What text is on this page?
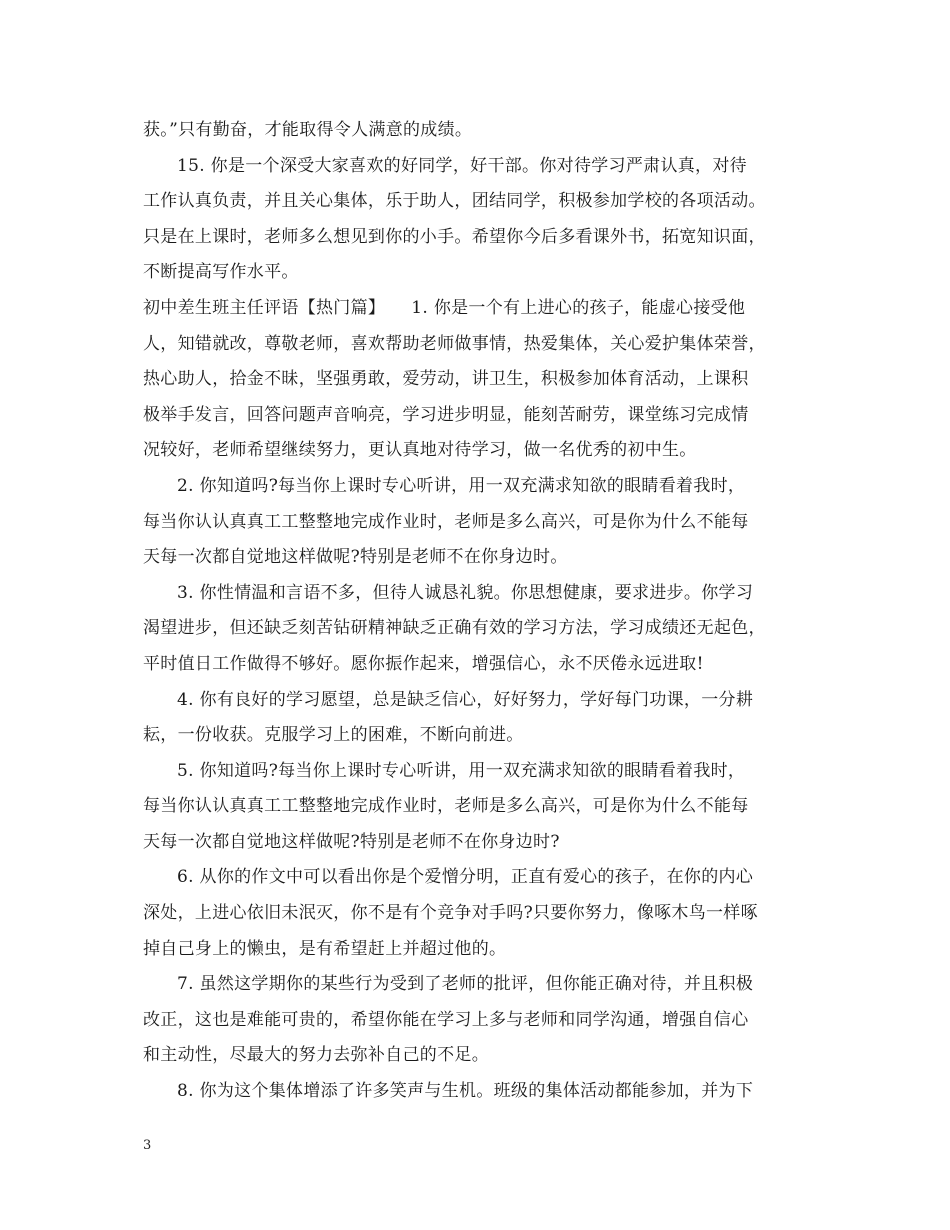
获。”只有勤奋，才能取得令人满意的成绩。
15. 你是一个深受大家喜欢的好同学，好干部。你对待学习严肃认真，对待
工作认真负责，并且关心集体，乐于助人，团结同学，积极参加学校的各项活动。
只是在上课时，老师多么想见到你的小手。希望你今后多看课外书，拓宽知识面，
不断提高写作水平。
初中差生班主任评语【热门篇】　　1. 你是一个有上进心的孩子，能虚心接受他
人，知错就改，尊敬老师，喜欢帮助老师做事情，热爱集体，关心爱护集体荣誉，
热心助人，拾金不昧，坚强勇敢，爱劳动，讲卫生，积极参加体育活动，上课积
极举手发言，回答问题声音响亮，学习进步明显，能刻苦耐劳，课堂练习完成情
况较好，老师希望继续努力，更认真地对待学习，做一名优秀的初中生。
2. 你知道吗?每当你上课时专心听讲，用一双充满求知欲的眼睛看着我时，
每当你认认真真工工整整地完成作业时，老师是多么高兴，可是你为什么不能每
天每一次都自觉地这样做呢?特别是老师不在你身边时。
3. 你性情温和言语不多，但待人诚恳礼貌。你思想健康，要求进步。你学习
渴望进步，但还缺乏刻苦钻研精神缺乏正确有效的学习方法，学习成绩还无起色，
平时值日工作做得不够好。愿你振作起来，增强信心，永不厌倦永远进取!
4. 你有良好的学习愿望，总是缺乏信心，好好努力，学好每门功课，一分耕
耘，一份收获。克服学习上的困难，不断向前进。
5. 你知道吗?每当你上课时专心听讲，用一双充满求知欲的眼睛看着我时，
每当你认认真真工工整整地完成作业时，老师是多么高兴，可是你为什么不能每
天每一次都自觉地这样做呢?特别是老师不在你身边时?
6. 从你的作文中可以看出你是个爱憎分明，正直有爱心的孩子，在你的内心
深处，上进心依旧未泯灭，你不是有个竞争对手吗?只要你努力，像啄木鸟一样啄
掉自己身上的懒虫，是有希望赶上并超过他的。
7. 虽然这学期你的某些行为受到了老师的批评，但你能正确对待，并且积极
改正，这也是难能可贵的，希望你能在学习上多与老师和同学沟通，增强自信心
和主动性，尽最大的努力去弥补自己的不足。
8. 你为这个集体增添了许多笑声与生机。班级的集体活动都能参加，并为下
3
